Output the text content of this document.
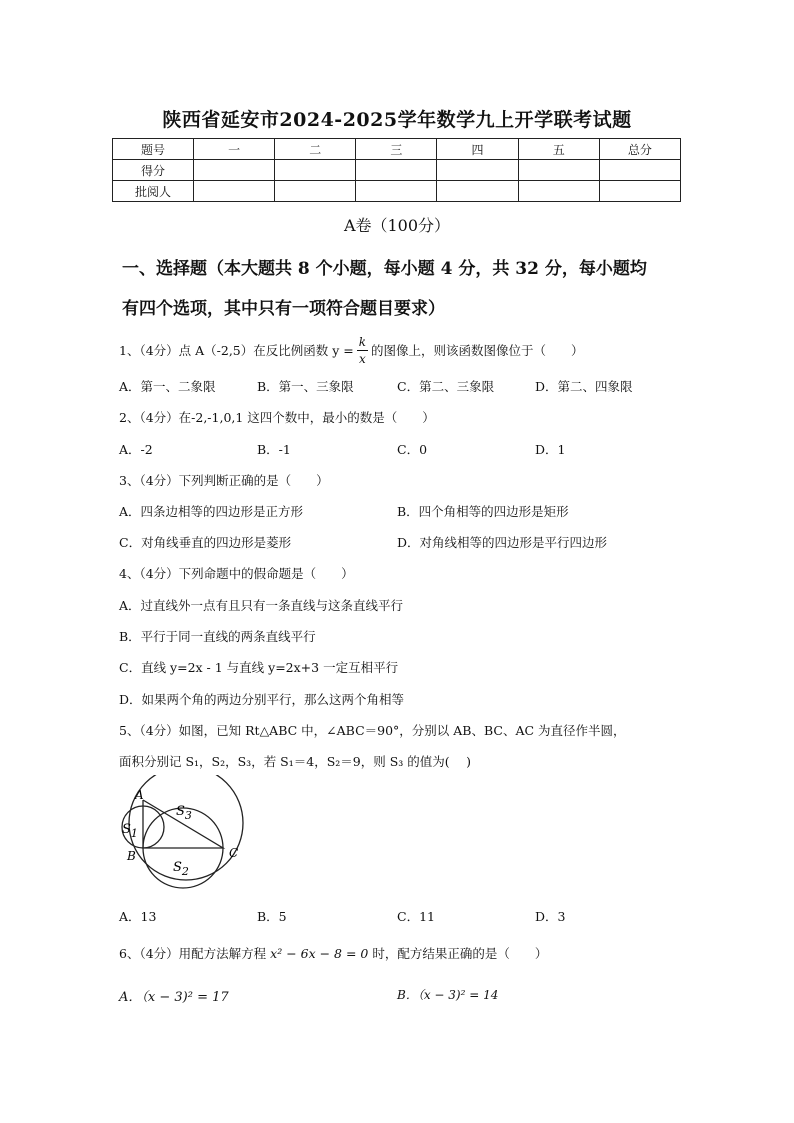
陕西省延安市2024-2025学年数学九上开学联考试题
题号	一	二	三	四	五	总分
得分						
批阅人						
A卷（100分）
一、选择题（本大题共 8 个小题，每小题 4 分，共 32 分，每小题均
有四个选项，其中只有一项符合题目要求）
1、（4分）点 A（-2,5）在反比例函数 $y = \frac{k}{x}$ 的图像上，则该函数图像位于（　　）
A．第一、二象限	B．第一、三象限	C．第二、三象限	D．第二、四象限
2、（4分）在-2,-1,0,1 这四个数中，最小的数是（　　）
A．-2	B．-1	C．0	D．1
3、（4分）下列判断正确的是（　　）
A．四条边相等的四边形是正方形	B．四个角相等的四边形是矩形
C．对角线垂直的四边形是菱形	D．对角线相等的四边形是平行四边形
4、（4分）下列命题中的假命题是（　　）
A．过直线外一点有且只有一条直线与这条直线平行
B．平行于同一直线的两条直线平行
C．直线 y=2x - 1 与直线 y=2x+3 一定互相平行
D．如果两个角的两边分别平行，那么这两个角相等
5、（4分）如图，已知 Rt△ABC 中，∠ABC＝90°，分别以 AB、BC、AC 为直径作半圆，
面积分别记 S₁，S₂，S₃，若 S₁＝4，S₂＝9，则 S₃ 的值为(　 )
A
B	C
$S_1$
$S_2$
$S_3$
A．13	B．5	C．11	D．3
6、（4分）用配方法解方程 x² − 6x − 8 = 0 时，配方结果正确的是（　　）
A．（x − 3)² = 17	B．（x − 3)² = 14
